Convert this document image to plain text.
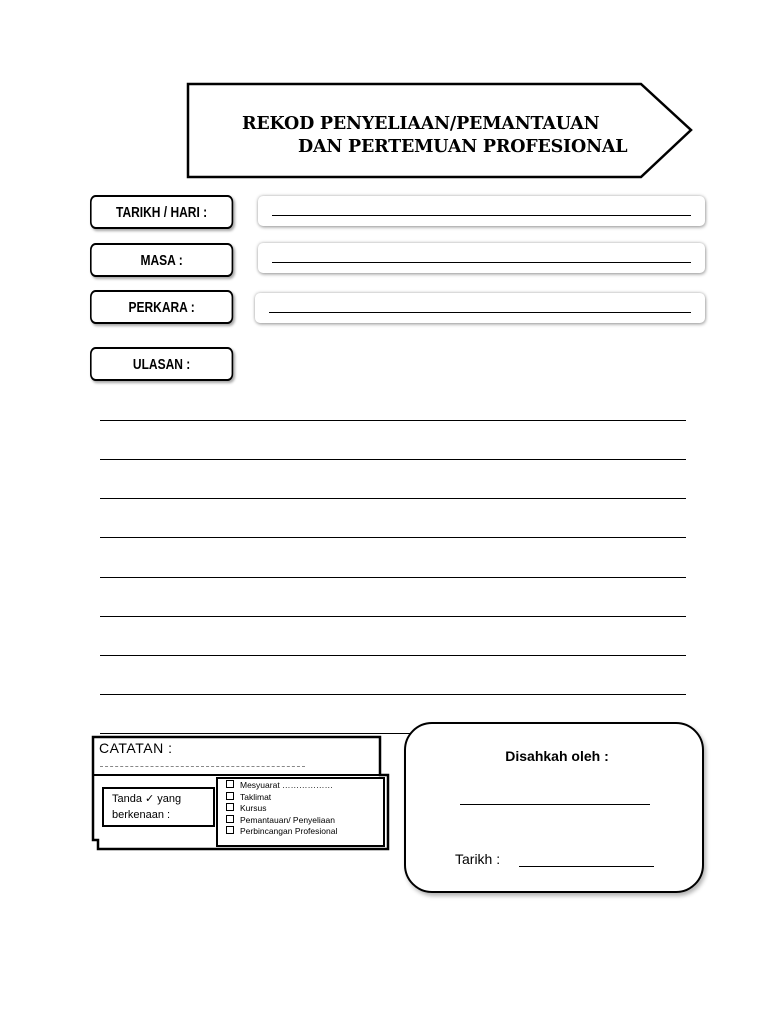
REKOD PENYELIAAN/PEMANTAUAN
DAN PERTEMUAN PROFESIONAL
TARIKH / HARI :
MASA :
PERKARA :
ULASAN :
CATATAN :
Tanda ✓ yang
berkenaan :
Mesyuarat ………………
Taklimat
Kursus
Pemantauan/ Penyeliaan
Perbincangan Profesional
Disahkah oleh :
Tarikh :
